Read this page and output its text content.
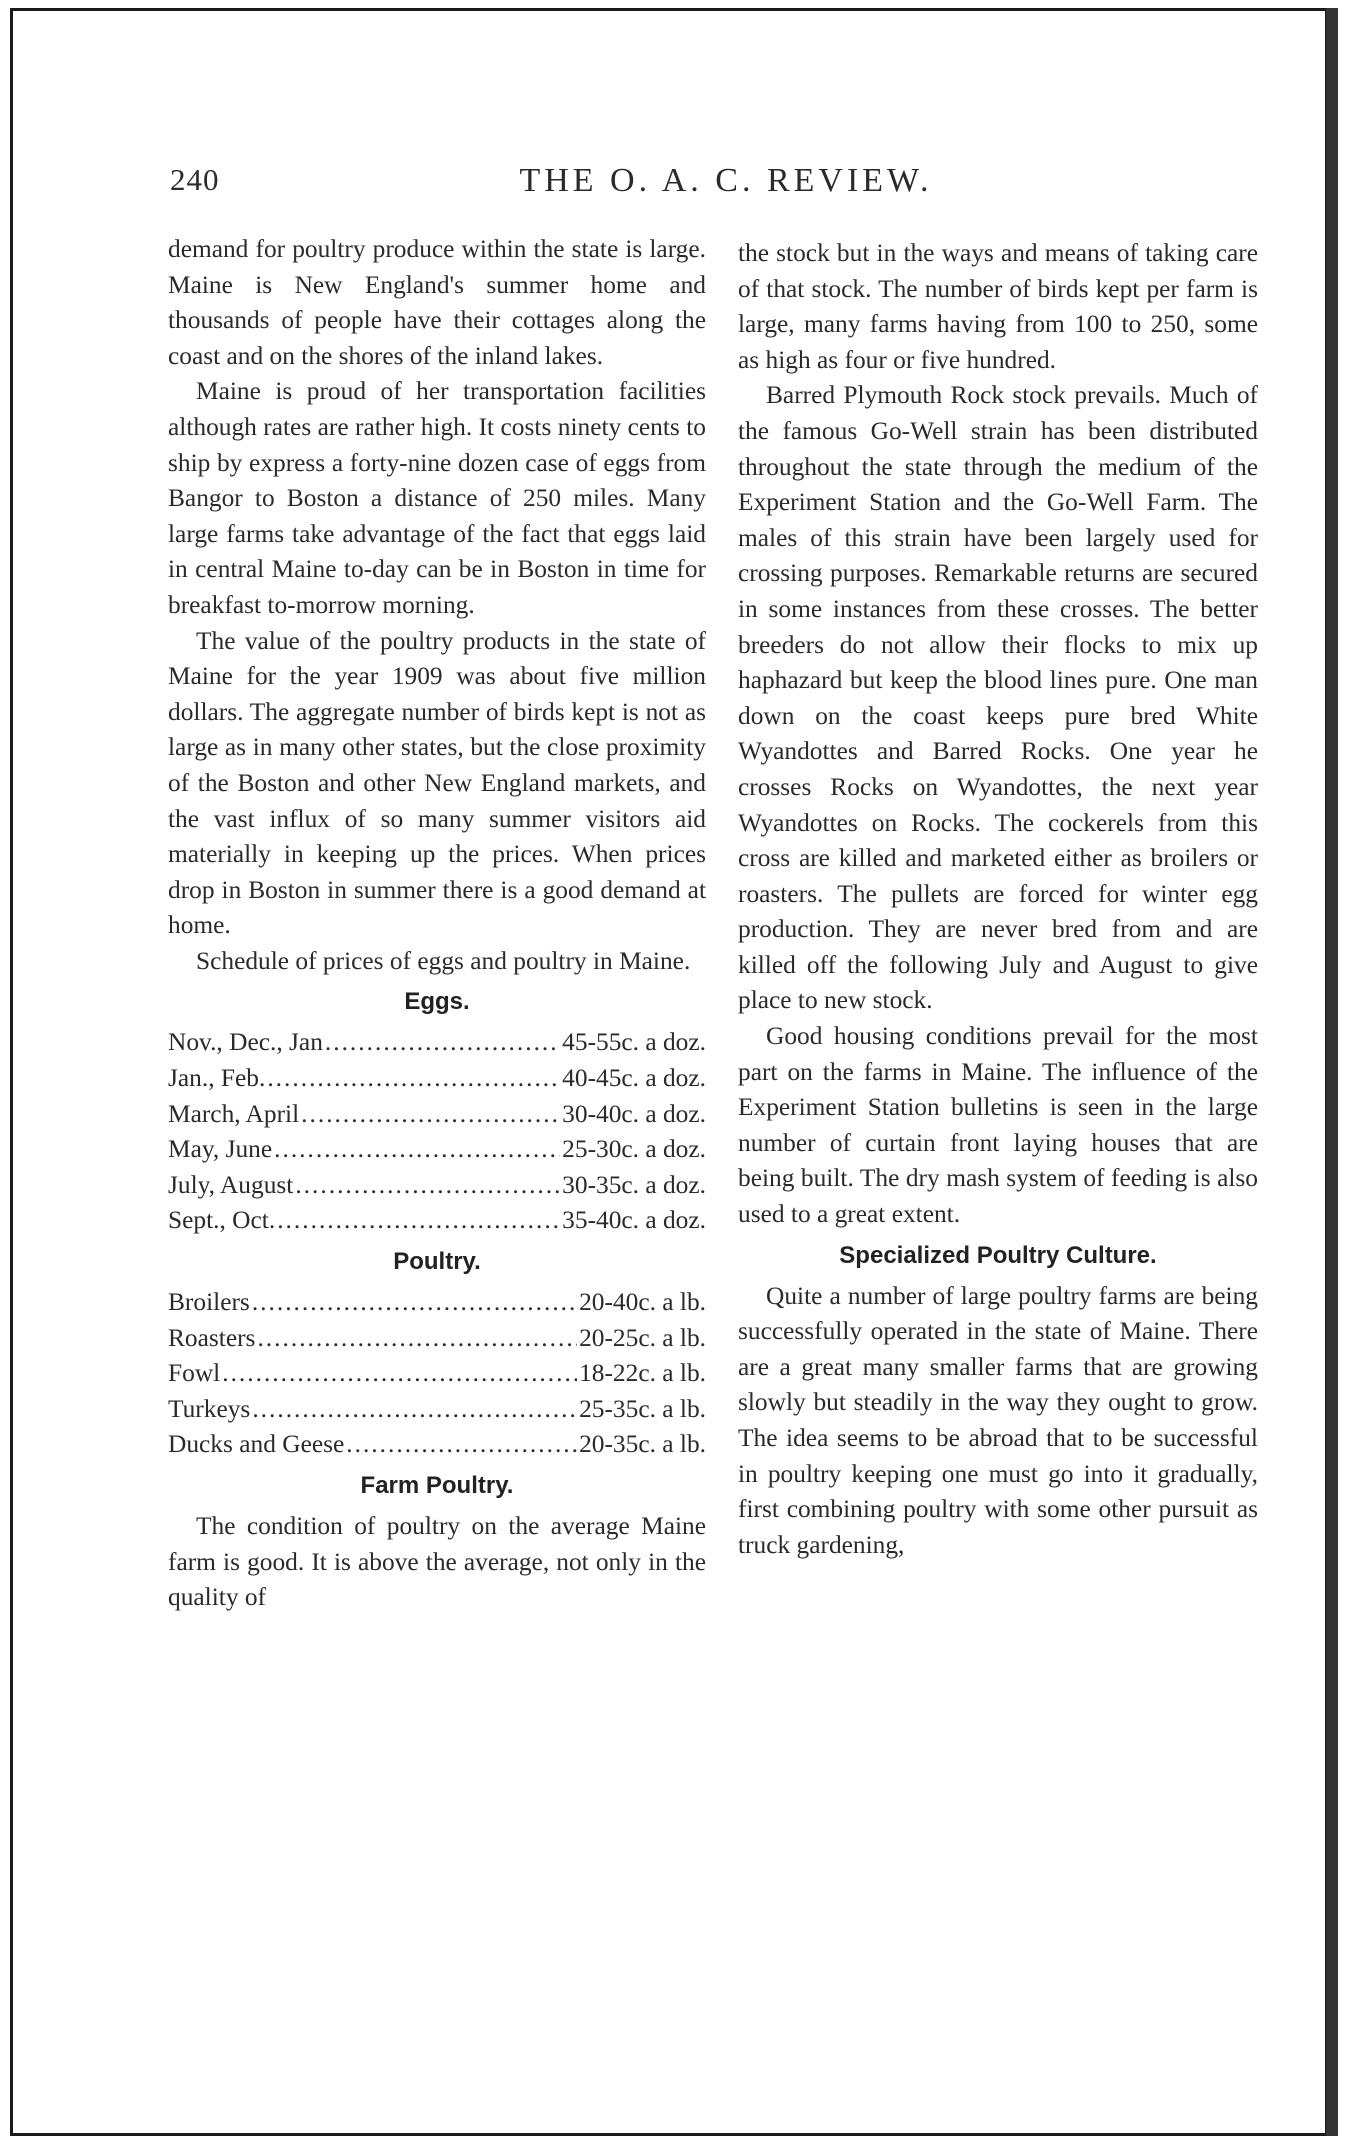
240	THE O. A. C. REVIEW.

demand for poultry produce within the state is large. Maine is New England's summer home and thousands of people have their cottages along the coast and on the shores of the inland lakes.

Maine is proud of her transportation facilities although rates are rather high. It costs ninety cents to ship by express a forty-nine dozen case of eggs from Bangor to Boston a distance of 250 miles. Many large farms take advantage of the fact that eggs laid in central Maine to-day can be in Boston in time for breakfast to-morrow morning.

The value of the poultry products in the state of Maine for the year 1909 was about five million dollars. The aggregate number of birds kept is not as large as in many other states, but the close proximity of the Boston and other New England markets, and the vast influx of so many summer visitors aid materially in keeping up the prices. When prices drop in Boston in summer there is a good demand at home.

Schedule of prices of eggs and poultry in Maine.

Eggs.
Nov., Dec., Jan .....	45-55c. a doz.
Jan., Feb. .....	40-45c. a doz.
March, April .....	30-40c. a doz.
May, June .....	25-30c. a doz.
July, August .....	30-35c. a doz.
Sept., Oct. .....	35-40c. a doz.
Poultry.
Broilers .....	20-40c. a lb.
Roasters .....	20-25c. a lb.
Fowl .....	18-22c. a lb.
Turkeys .....	25-35c. a lb.
Ducks and Geese .....	20-35c. a lb.
Farm Poultry.

The condition of poultry on the average Maine farm is good. It is above the average, not only in the quality of

the stock but in the ways and means of taking care of that stock. The number of birds kept per farm is large, many farms having from 100 to 250, some as high as four or five hundred.

Barred Plymouth Rock stock prevails. Much of the famous Go-Well strain has been distributed throughout the state through the medium of the Experiment Station and the Go-Well Farm. The males of this strain have been largely used for crossing purposes. Remarkable returns are secured in some instances from these crosses. The better breeders do not allow their flocks to mix up haphazard but keep the blood lines pure. One man down on the coast keeps pure bred White Wyandottes and Barred Rocks. One year he crosses Rocks on Wyandottes, the next year Wyandottes on Rocks. The cockerels from this cross are killed and marketed either as broilers or roasters. The pullets are forced for winter egg production. They are never bred from and are killed off the following July and August to give place to new stock.

Good housing conditions prevail for the most part on the farms in Maine. The influence of the Experiment Station bulletins is seen in the large number of curtain front laying houses that are being built. The dry mash system of feeding is also used to a great extent.

Specialized Poultry Culture.

Quite a number of large poultry farms are being successfully operated in the state of Maine. There are a great many smaller farms that are growing slowly but steadily in the way they ought to grow. The idea seems to be abroad that to be successful in poultry keeping one must go into it gradually, first combining poultry with some other pursuit as truck gardening,
